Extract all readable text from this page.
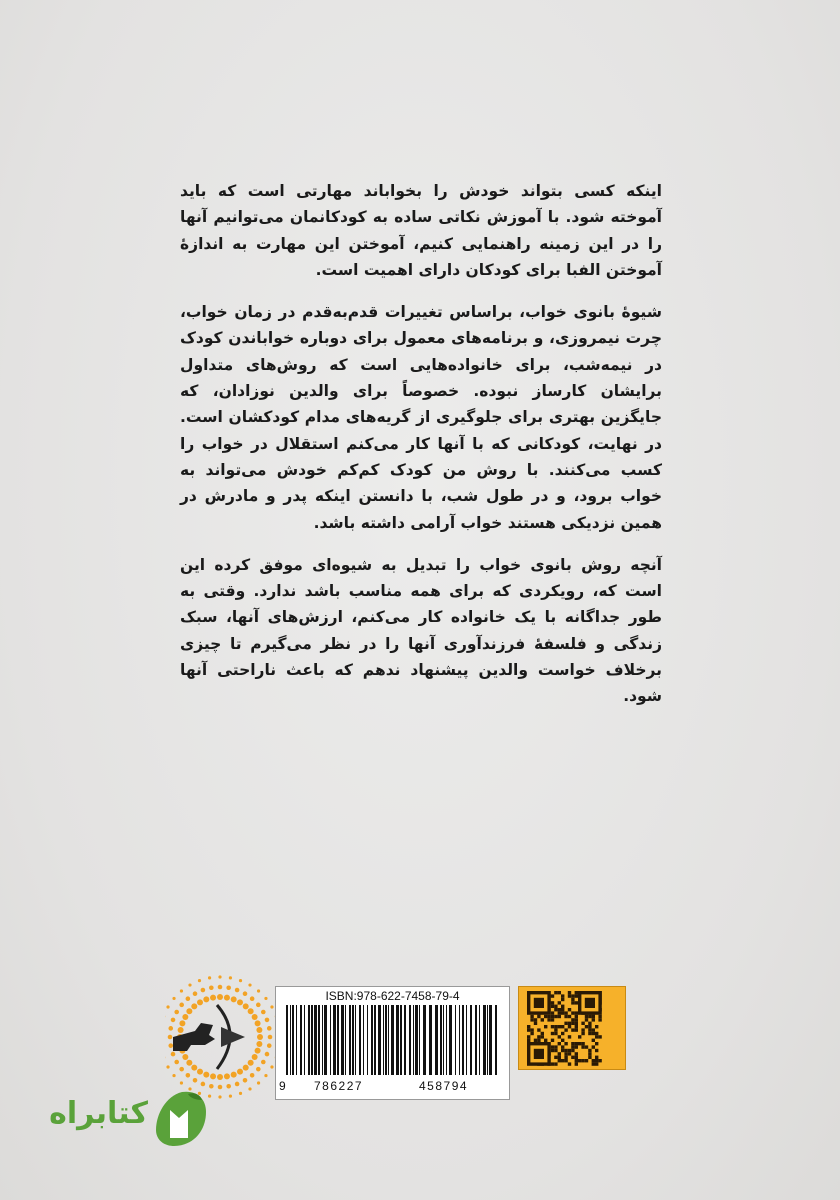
اینکه کسی بتواند خودش را بخواباند مهارتی است که باید آموخته شود. با آموزش نکاتی ساده به کودکانمان می‌توانیم آنها را در این زمینه راهنمایی کنیم، آموختن این مهارت به اندازهٔ آموختن الفبا برای کودکان دارای اهمیت است.

شیوهٔ بانوی خواب، براساس تغییرات قدم‌به‌قدم در زمان خواب، چرت نیمروزی، و برنامه‌های معمول برای دوباره خواباندن کودک در نیمه‌شب، برای خانواده‌هایی است که روش‌های متداول برایشان کارساز نبوده. خصوصاً برای والدین نوزادان، که جایگزین بهتری برای جلوگیری از گریه‌های مدام کودکشان است. در نهایت، کودکانی که با آنها کار می‌کنم استقلال در خواب را کسب می‌کنند. با روش من کودک کم‌کم خودش می‌تواند به خواب برود، و در طول شب، با دانستن اینکه پدر و مادرش در همین نزدیکی هستند خواب آرامی داشته باشد.

آنچه روش بانوی خواب را تبدیل به شیوه‌ای موفق کرده این است که، رویکردی که برای همه مناسب باشد ندارد. وقتی به طور جداگانه با یک خانواده کار می‌کنم، ارزش‌های آنها، سبک زندگی و فلسفهٔ فرزندآوری آنها را در نظر می‌گیرم تا چیزی برخلاف خواست والدین پیشنهاد ندهم که باعث ناراحتی آنها شود.

ISBN:978-622-7458-79-4
9 786227	458794
کتابراه
